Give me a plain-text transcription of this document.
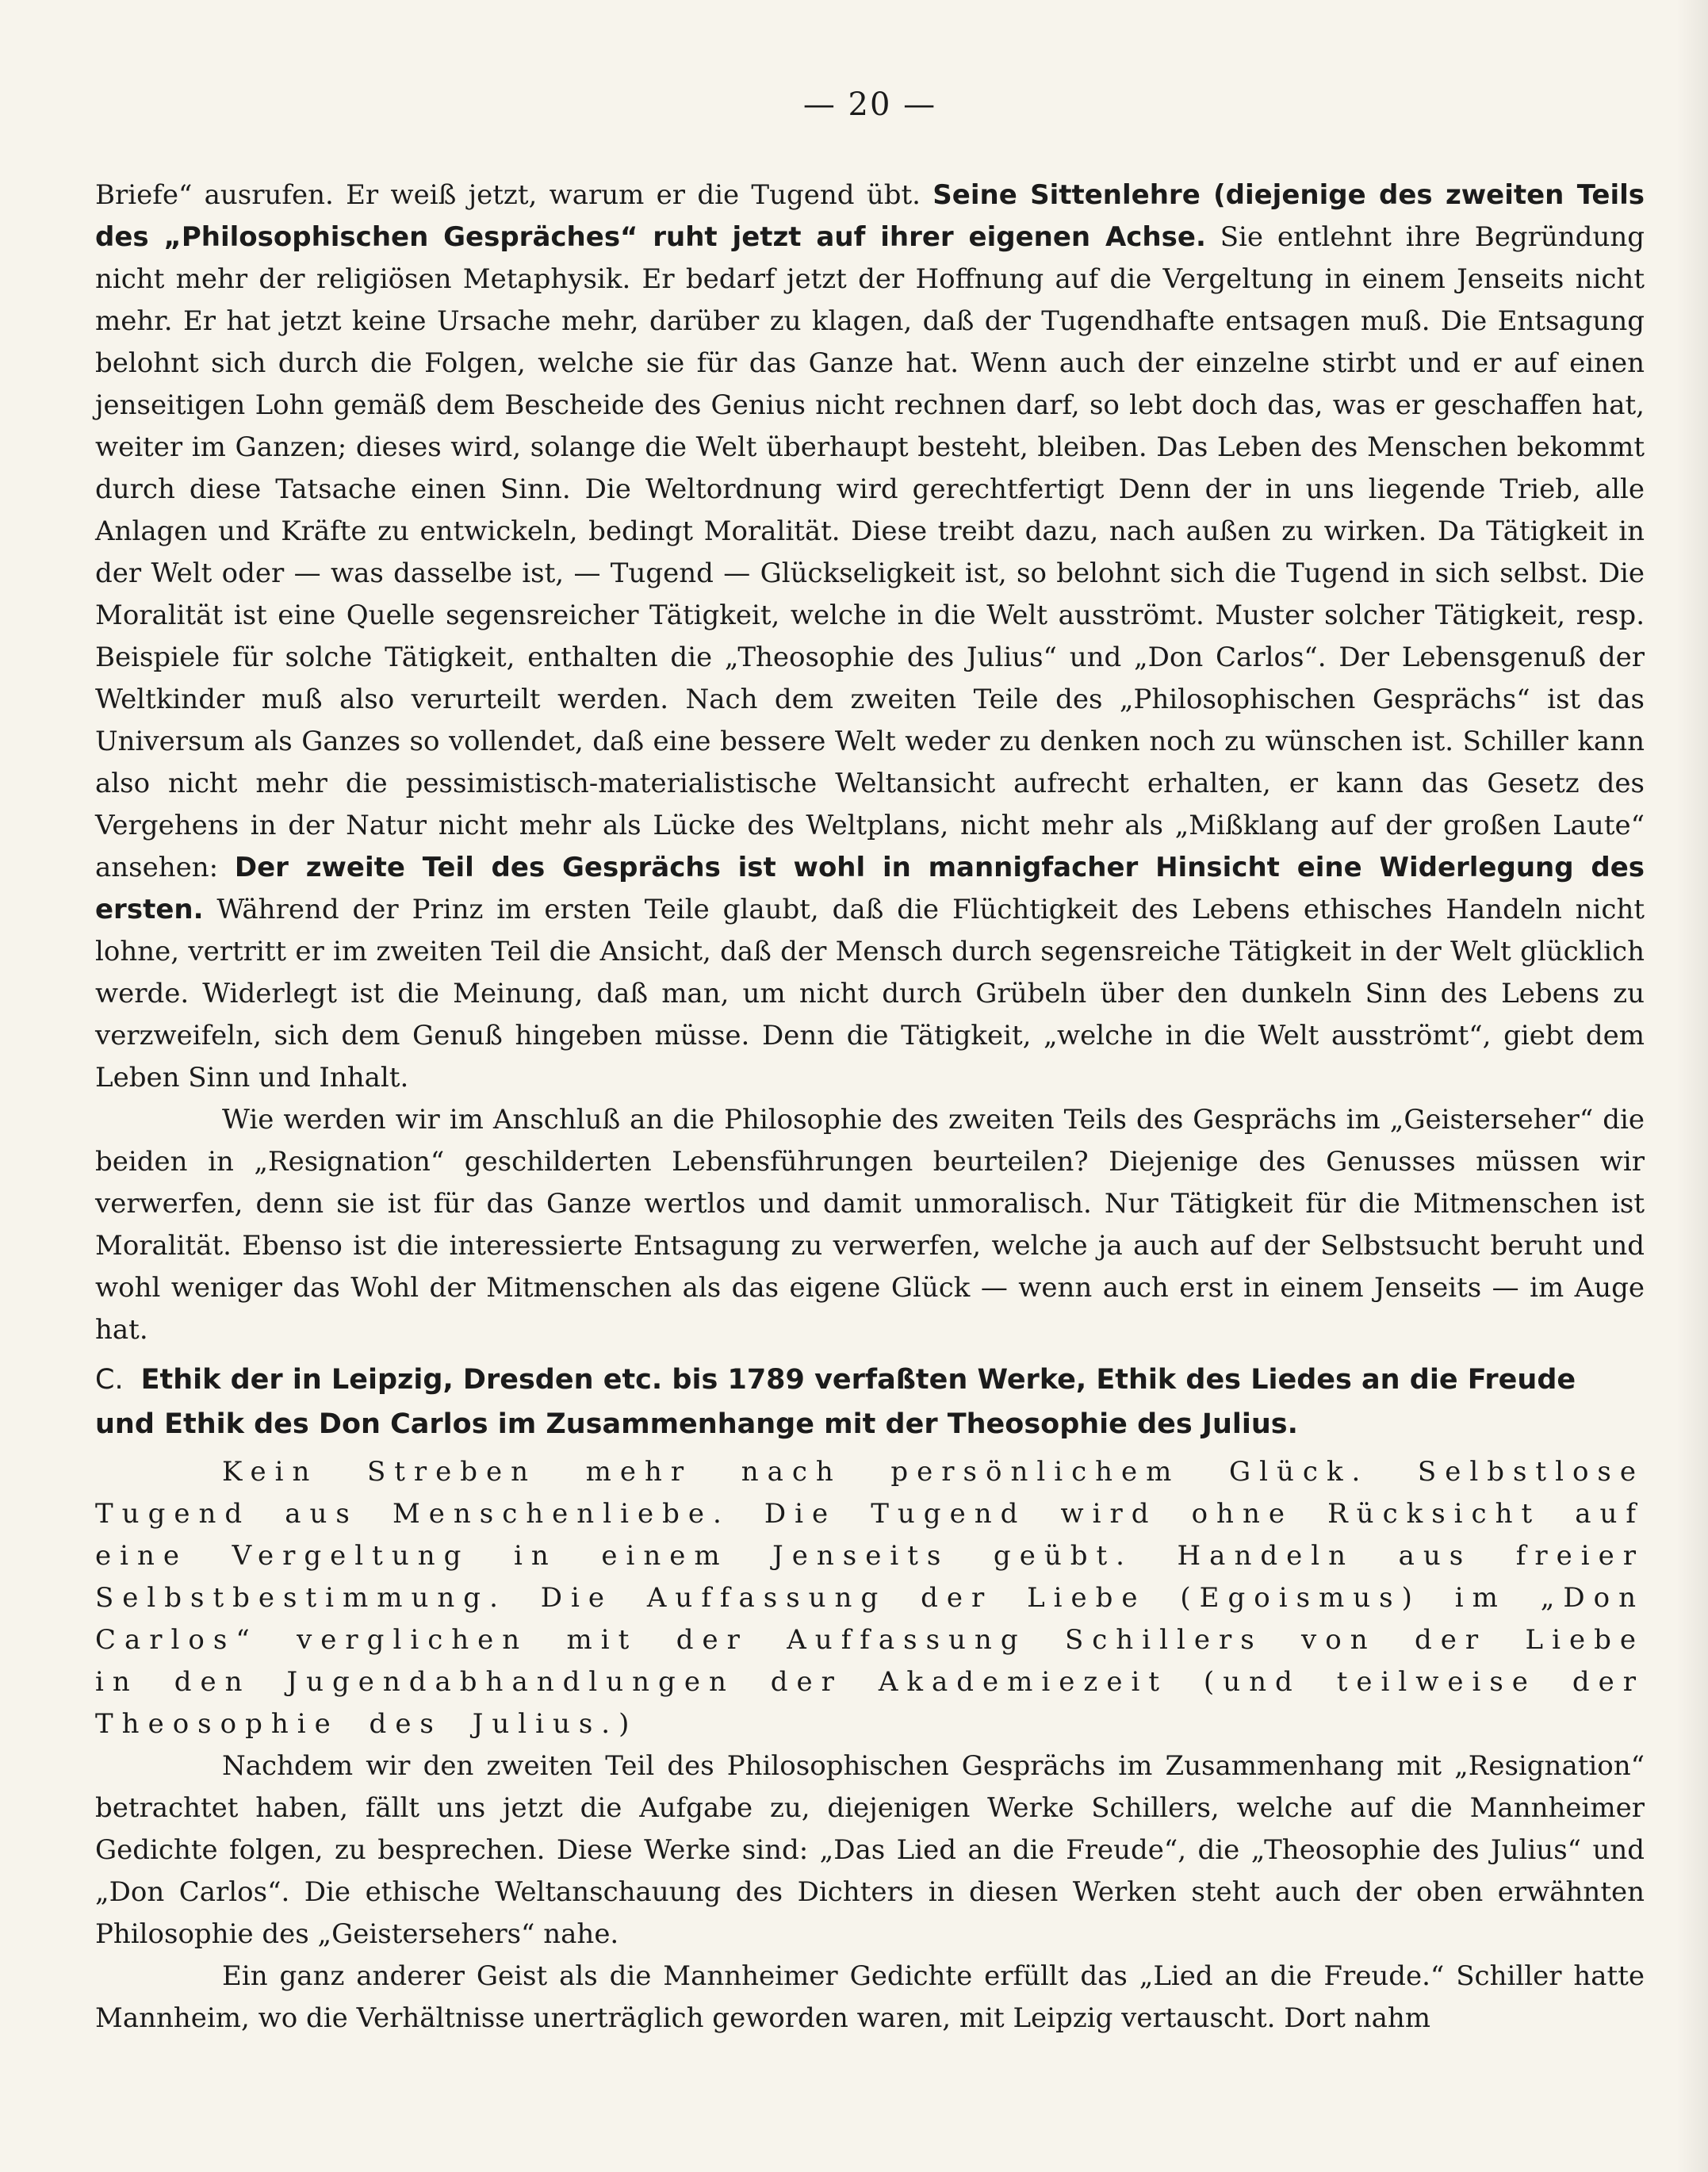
— 20 —

Briefe“ ausrufen. Er weiß jetzt, warum er die Tugend übt. Seine Sittenlehre (diejenige des zweiten Teils des „Philosophischen Gespräches“ ruht jetzt auf ihrer eigenen Achse. Sie entlehnt ihre Begründung nicht mehr der religiösen Metaphysik. Er bedarf jetzt der Hoffnung auf die Vergeltung in einem Jenseits nicht mehr. Er hat jetzt keine Ursache mehr, darüber zu klagen, daß der Tugendhafte entsagen muß. Die Entsagung belohnt sich durch die Folgen, welche sie für das Ganze hat. Wenn auch der einzelne stirbt und er auf einen jenseitigen Lohn gemäß dem Bescheide des Genius nicht rechnen darf, so lebt doch das, was er geschaffen hat, weiter im Ganzen; dieses wird, solange die Welt überhaupt besteht, bleiben. Das Leben des Menschen bekommt durch diese Tatsache einen Sinn. Die Weltordnung wird gerechtfertigt Denn der in uns liegende Trieb, alle Anlagen und Kräfte zu entwickeln, bedingt Moralität. Diese treibt dazu, nach außen zu wirken. Da Tätigkeit in der Welt oder — was dasselbe ist, — Tugend — Glückseligkeit ist, so belohnt sich die Tugend in sich selbst. Die Moralität ist eine Quelle segensreicher Tätigkeit, welche in die Welt ausströmt. Muster solcher Tätigkeit, resp. Beispiele für solche Tätigkeit, enthalten die „Theosophie des Julius“ und „Don Carlos“. Der Lebensgenuß der Weltkinder muß also verurteilt werden. Nach dem zweiten Teile des „Philosophischen Gesprächs“ ist das Universum als Ganzes so vollendet, daß eine bessere Welt weder zu denken noch zu wünschen ist. Schiller kann also nicht mehr die pessimistisch-materialistische Weltansicht aufrecht erhalten, er kann das Gesetz des Vergehens in der Natur nicht mehr als Lücke des Weltplans, nicht mehr als „Mißklang auf der großen Laute“ ansehen: Der zweite Teil des Gesprächs ist wohl in mannigfacher Hinsicht eine Widerlegung des ersten. Während der Prinz im ersten Teile glaubt, daß die Flüchtigkeit des Lebens ethisches Handeln nicht lohne, vertritt er im zweiten Teil die Ansicht, daß der Mensch durch segensreiche Tätigkeit in der Welt glücklich werde. Widerlegt ist die Meinung, daß man, um nicht durch Grübeln über den dunkeln Sinn des Lebens zu verzweifeln, sich dem Genuß hingeben müsse. Denn die Tätigkeit, „welche in die Welt ausströmt“, giebt dem Leben Sinn und Inhalt.

Wie werden wir im Anschluß an die Philosophie des zweiten Teils des Gesprächs im „Geisterseher“ die beiden in „Resignation“ geschilderten Lebensführungen beurteilen? Diejenige des Genusses müssen wir verwerfen, denn sie ist für das Ganze wertlos und damit unmoralisch. Nur Tätigkeit für die Mitmenschen ist Moralität. Ebenso ist die interessierte Entsagung zu verwerfen, welche ja auch auf der Selbstsucht beruht und wohl weniger das Wohl der Mitmenschen als das eigene Glück — wenn auch erst in einem Jenseits — im Auge hat.

C. Ethik der in Leipzig, Dresden etc. bis 1789 verfaßten Werke, Ethik des Liedes an die Freude und Ethik des Don Carlos im Zusammenhange mit der Theosophie des Julius.

Kein Streben mehr nach persönlichem Glück. Selbstlose Tugend aus Menschenliebe. Die Tugend wird ohne Rücksicht auf eine Vergeltung in einem Jenseits geübt. Handeln aus freier Selbstbestimmung. Die Auffassung der Liebe (Egoismus) im „Don Carlos“ verglichen mit der Auffassung Schillers von der Liebe in den Jugendabhandlungen der Akademiezeit (und teilweise der Theosophie des Julius.)

Nachdem wir den zweiten Teil des Philosophischen Gesprächs im Zusammenhang mit „Resignation“ betrachtet haben, fällt uns jetzt die Aufgabe zu, diejenigen Werke Schillers, welche auf die Mannheimer Gedichte folgen, zu besprechen. Diese Werke sind: „Das Lied an die Freude“, die „Theosophie des Julius“ und „Don Carlos“. Die ethische Weltanschauung des Dichters in diesen Werken steht auch der oben erwähnten Philosophie des „Geistersehers“ nahe.

Ein ganz anderer Geist als die Mannheimer Gedichte erfüllt das „Lied an die Freude.“ Schiller hatte Mannheim, wo die Verhältnisse unerträglich geworden waren, mit Leipzig vertauscht. Dort nahm
